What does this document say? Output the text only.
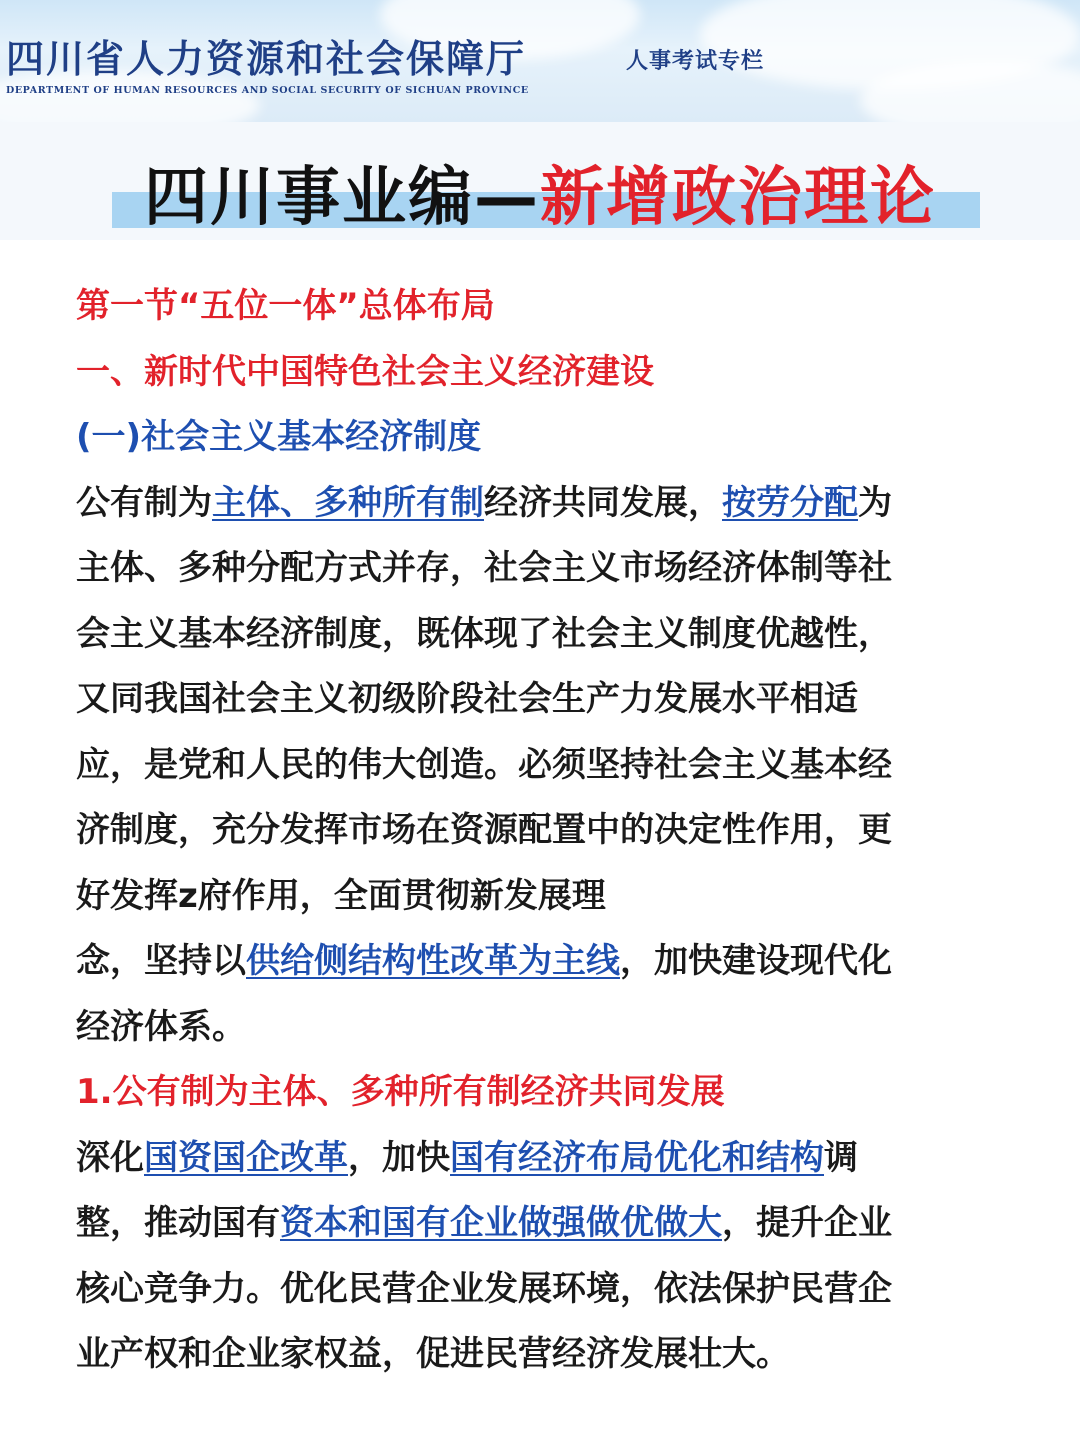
四川省人力资源和社会保障厅
DEPARTMENT OF HUMAN RESOURCES AND SOCIAL SECURITY OF SICHUAN PROVINCE
人事考试专栏
四川事业编—新增政治理论
第一节“五位一体”总体布局
一、新时代中国特色社会主义经济建设
(一)社会主义基本经济制度
公有制为主体、多种所有制经济共同发展，按劳分配为
主体、多种分配方式并存，社会主义市场经济体制等社
会主义基本经济制度，既体现了社会主义制度优越性，
又同我国社会主义初级阶段社会生产力发展水平相适
应，是党和人民的伟大创造。必须坚持社会主义基本经
济制度，充分发挥市场在资源配置中的决定性作用，更
好发挥z府作用，全面贯彻新发展理
念，坚持以供给侧结构性改革为主线，加快建设现代化
经济体系。
1.公有制为主体、多种所有制经济共同发展
深化国资国企改革，加快国有经济布局优化和结构调
整，推动国有资本和国有企业做强做优做大，提升企业
核心竞争力。优化民营企业发展环境，依法保护民营企
业产权和企业家权益，促进民营经济发展壮大。
